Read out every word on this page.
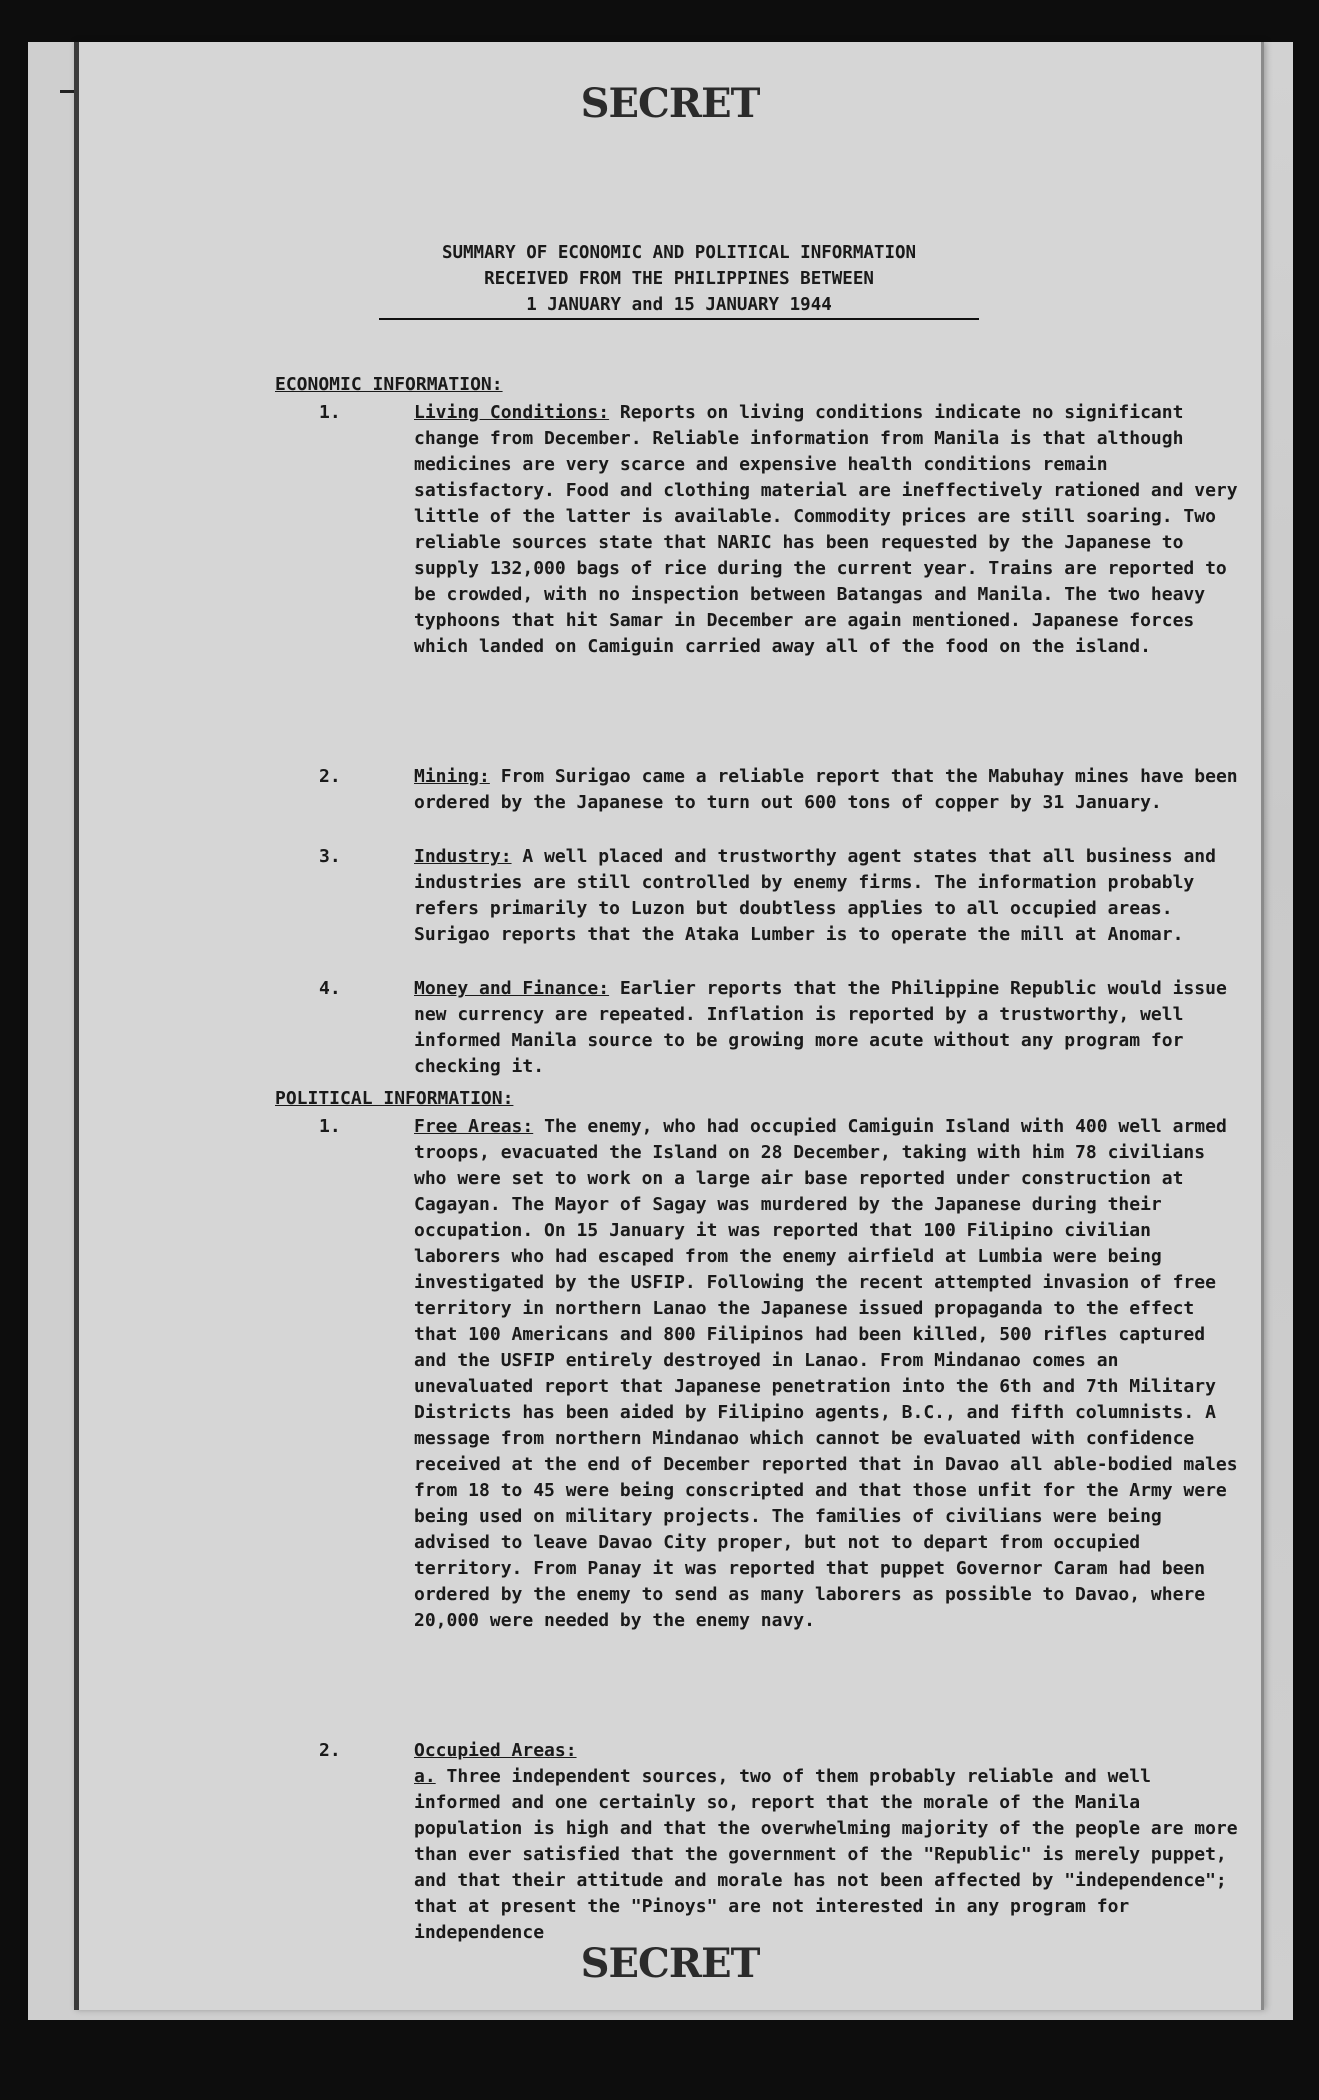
SECRET
SUMMARY OF ECONOMIC AND POLITICAL INFORMATION
RECEIVED FROM THE PHILIPPINES BETWEEN
1 JANUARY and 15 JANUARY 1944
ECONOMIC INFORMATION:
1.	Living Conditions: Reports on living conditions indicate no significant change from December. Reliable information from Manila is that although medicines are very scarce and expensive health conditions remain satisfactory. Food and clothing material are ineffectively rationed and very little of the latter is available. Commodity prices are still soaring. Two reliable sources state that NARIC has been requested by the Japanese to supply 132,000 bags of rice during the current year. Trains are reported to be crowded, with no inspection between Batangas and Manila. The two heavy typhoons that hit Samar in December are again mentioned. Japanese forces which landed on Camiguin carried away all of the food on the island.

2.	Mining: From Surigao came a reliable report that the Mabuhay mines have been ordered by the Japanese to turn out 600 tons of copper by 31 January.

3.	Industry: A well placed and trustworthy agent states that all business and industries are still controlled by enemy firms. The information probably refers primarily to Luzon but doubtless applies to all occupied areas. Surigao reports that the Ataka Lumber is to operate the mill at Anomar.

4.	Money and Finance: Earlier reports that the Philippine Republic would issue new currency are repeated. Inflation is reported by a trustworthy, well informed Manila source to be growing more acute without any program for checking it.

POLITICAL INFORMATION:
1.	Free Areas: The enemy, who had occupied Camiguin Island with 400 well armed troops, evacuated the Island on 28 December, taking with him 78 civilians who were set to work on a large air base reported under construction at Cagayan. The Mayor of Sagay was murdered by the Japanese during their occupation. On 15 January it was reported that 100 Filipino civilian laborers who had escaped from the enemy airfield at Lumbia were being investigated by the USFIP. Following the recent attempted invasion of free territory in northern Lanao the Japanese issued propaganda to the effect that 100 Americans and 800 Filipinos had been killed, 500 rifles captured and the USFIP entirely destroyed in Lanao. From Mindanao comes an unevaluated report that Japanese penetration into the 6th and 7th Military Districts has been aided by Filipino agents, B.C., and fifth columnists. A message from northern Mindanao which cannot be evaluated with confidence received at the end of December reported that in Davao all able-bodied males from 18 to 45 were being conscripted and that those unfit for the Army were being used on military projects. The families of civilians were being advised to leave Davao City proper, but not to depart from occupied territory. From Panay it was reported that puppet Governor Caram had been ordered by the enemy to send as many laborers as possible to Davao, where 20,000 were needed by the enemy navy.

2.	Occupied Areas:

a. Three independent sources, two of them probably reliable and well informed and one certainly so, report that the morale of the Manila population is high and that the overwhelming majority of the people are more than ever satisfied that the government of the "Republic" is merely puppet, and that their attitude and morale has not been affected by "independence"; that at present the "Pinoys" are not interested in any program for independence

SECRET
